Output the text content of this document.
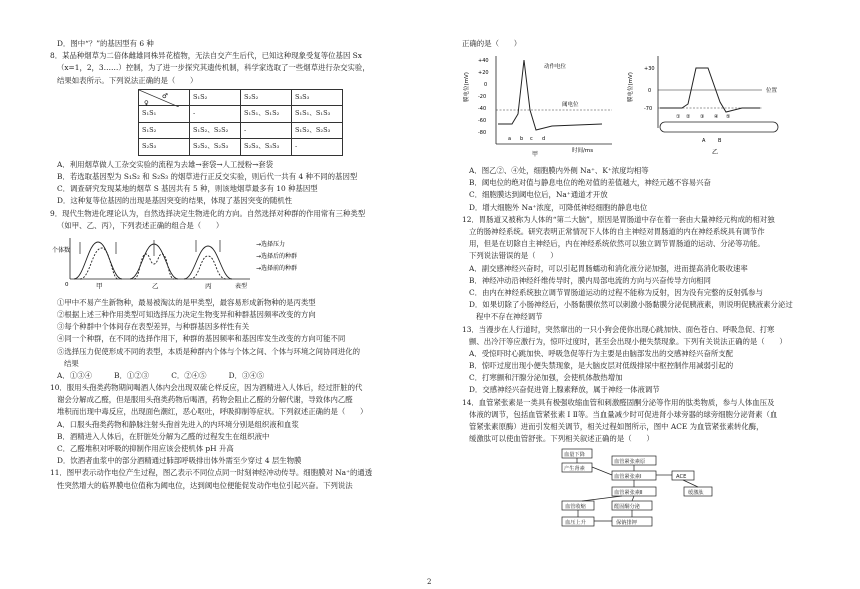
D．图中“？”的基因型有 6 种

8．某品种烟草为二倍体雌雄同株异花植物，无法自交产生后代，已知这种现象受复等位基因 Sx

（x=1，2，3……）控制，为了进一步探究其遗传机制，科学家选取了一些烟草进行杂交实验，

结果如表所示。下列说法正确的是（　　）

♂
♀	S₁S₂	S₂S₂	S₃S₃
S₁S₁	-	S₁S₁、S₁S₂	S₁S₁、S₁S₃
S₁S₂	S₁S₂、S₂S₂	-	S₁S₂、S₂S₃
S₂S₃	S₂S₂、S₂S₃	S₂S₃、S₃S₃	-

A．利用烟草做人工杂交实验的流程为去雄→套袋→人工授粉→套袋

B．若选取基因型为 S₁S₂ 和 S₂S₃ 的烟草进行正反交实验，则后代一共有 4 种不同的基因型

C．调查研究发现某地的烟草 S 基因共有 5 种，则该地烟草最多有 10 种基因型

D．这种复等位基因的出现是基因突变的结果，体现了基因突变的随机性

9．现代生物进化理论认为，自然选择决定生物进化的方向。自然选择对种群的作用常有三种类型

（如甲、乙、丙），下列表述正确的组合是（　　）

个体数
0	甲	乙	丙	表型
→选择压力
→选择后的种群
→选择前的种群

①甲中不易产生新物种，最易被淘汰的是甲类型，最容易形成新物种的是丙类型

②根据上述三种作用类型可知选择压力决定生物变异和种群基因频率改变的方向

③每个种群中个体间存在表型差异，与种群基因多样性有关

④同一个种群，在不同的选择作用下，种群的基因频率和基因库发生改变的方向可能不同

⑤选择压力促使形成不同的表型，本质是种群内个体与个体之间、个体与环境之间协同进化的

结果

A．①③④　　　B．①②③　　　C．②④⑤　　　D．③④⑤

10．服用头孢类药物期间喝酒人体内会出现双硫仑样反应，因为酒精进入人体后，经过肝脏的代

谢会分解成乙醛，但是服用头孢类药物后喝酒，药物会阻止乙醛的分解代谢，导致体内乙醛

堆积而出现中毒反应，出现面色潮红，恶心呕吐，呼吸抑制等症状。下列叙述正确的是（　　）

A．口服头孢类药物和静脉注射头孢首先进入的内环境分别是组织液和血浆

B．酒精进入人体后，在肝脏处分解为乙醛的过程发生在组织液中

C．乙醛堆积对呼吸的抑制作用应该会使机体 pH 升高

D．饮酒者血浆中的部分酒精通过肺部呼吸排出体外需至少穿过 4 层生物膜

11．图甲表示动作电位产生过程，图乙表示不同位点同一时刻神经冲动传导。细胞膜对 Na⁺的通透

性突然增大的临界膜电位值称为阈电位，达到阈电位便能促发动作电位引起兴奋。下列说法

正确的是（　　）

膜电位(mV)
+40
+20
0
-20
-40
-60
-80
动作电位
阈电位
时间/ms
甲
a b c d
膜电位(mV)
+30
0
-70
位置
① ② ③ ④ ⑤
A	B
乙

A．图乙②、④处，细胞膜内外侧 Na⁺、K⁺浓度均相等

B．阈电位的绝对值与静息电位的绝对值的差值越大，神经元越不容易兴奋

C．细胞膜达到阈电位后，Na⁺通道才开放

D．增大细胞外 Na⁺浓度，可降低神经细胞的静息电位

12．胃肠道又被称为人体的“第二大脑”，原因是胃肠道中存在着一套由大量神经元构成的相对独

立的肠神经系统。研究表明正常情况下人体的自主神经对胃肠道的内在神经系统具有调节作

用，但是在切除自主神经后，内在神经系统依然可以独立调节胃肠道的运动、分泌等功能。

下列说法错误的是（　　）

A．副交感神经兴奋时，可以引起胃肠蠕动和消化液分泌加强，进而提高消化吸收速率

B．神经冲动沿神经纤维传导时，膜内局部电流的方向与兴奋传导方向相同

C．由内在神经系统独立调节胃肠道运动的过程不能称为反射，因为没有完整的反射弧参与

D．如果切除了小肠神经后，小肠黏膜依然可以刺激小肠黏膜分泌促胰液素，则说明促胰液素分泌过

程中不存在神经调节

13．当漫步在人行道时，突然窜出的一只小狗会使你出现心跳加快、面色苍白、呼吸急促、打寒

颤、出冷汗等应激行为，惊吓过度时，甚至会出现小便失禁现象。下列有关说法正确的是（　　）

A．受惊吓时心跳加快、呼吸急促等行为主要是由脑部发出的交感神经兴奋所支配

B．惊吓过度出现小便失禁现象，是大脑皮层对低级排尿中枢控制作用减弱引起的

C．打寒颤和汗腺分泌加强，会使机体散热增加

D．交感神经兴奋促进肾上腺素释放，属于神经一体液调节

14．血管紧张素是一类具有极强收缩血管和刺激醛固酮分泌等作用的肽类物质，参与人体血压及

体液的调节，包括血管紧张素 I Ⅱ等。当血量减少时可促进肾小球旁器的球旁细胞分泌肾素（血

管紧张素原酶）进而引发相关调节，相关过程如图所示，图中 ACE 为血管紧张素转化酶，

缓激肽可以使血管舒张。下列相关叙述正确的是（　　）

血量下降
产生肾素
血管紧张素原
血管紧张素Ⅰ	ACE
血管紧张素Ⅱ	缓激肽
血管收缩	醛固酮分泌
血压上升	保钠排钾
2
